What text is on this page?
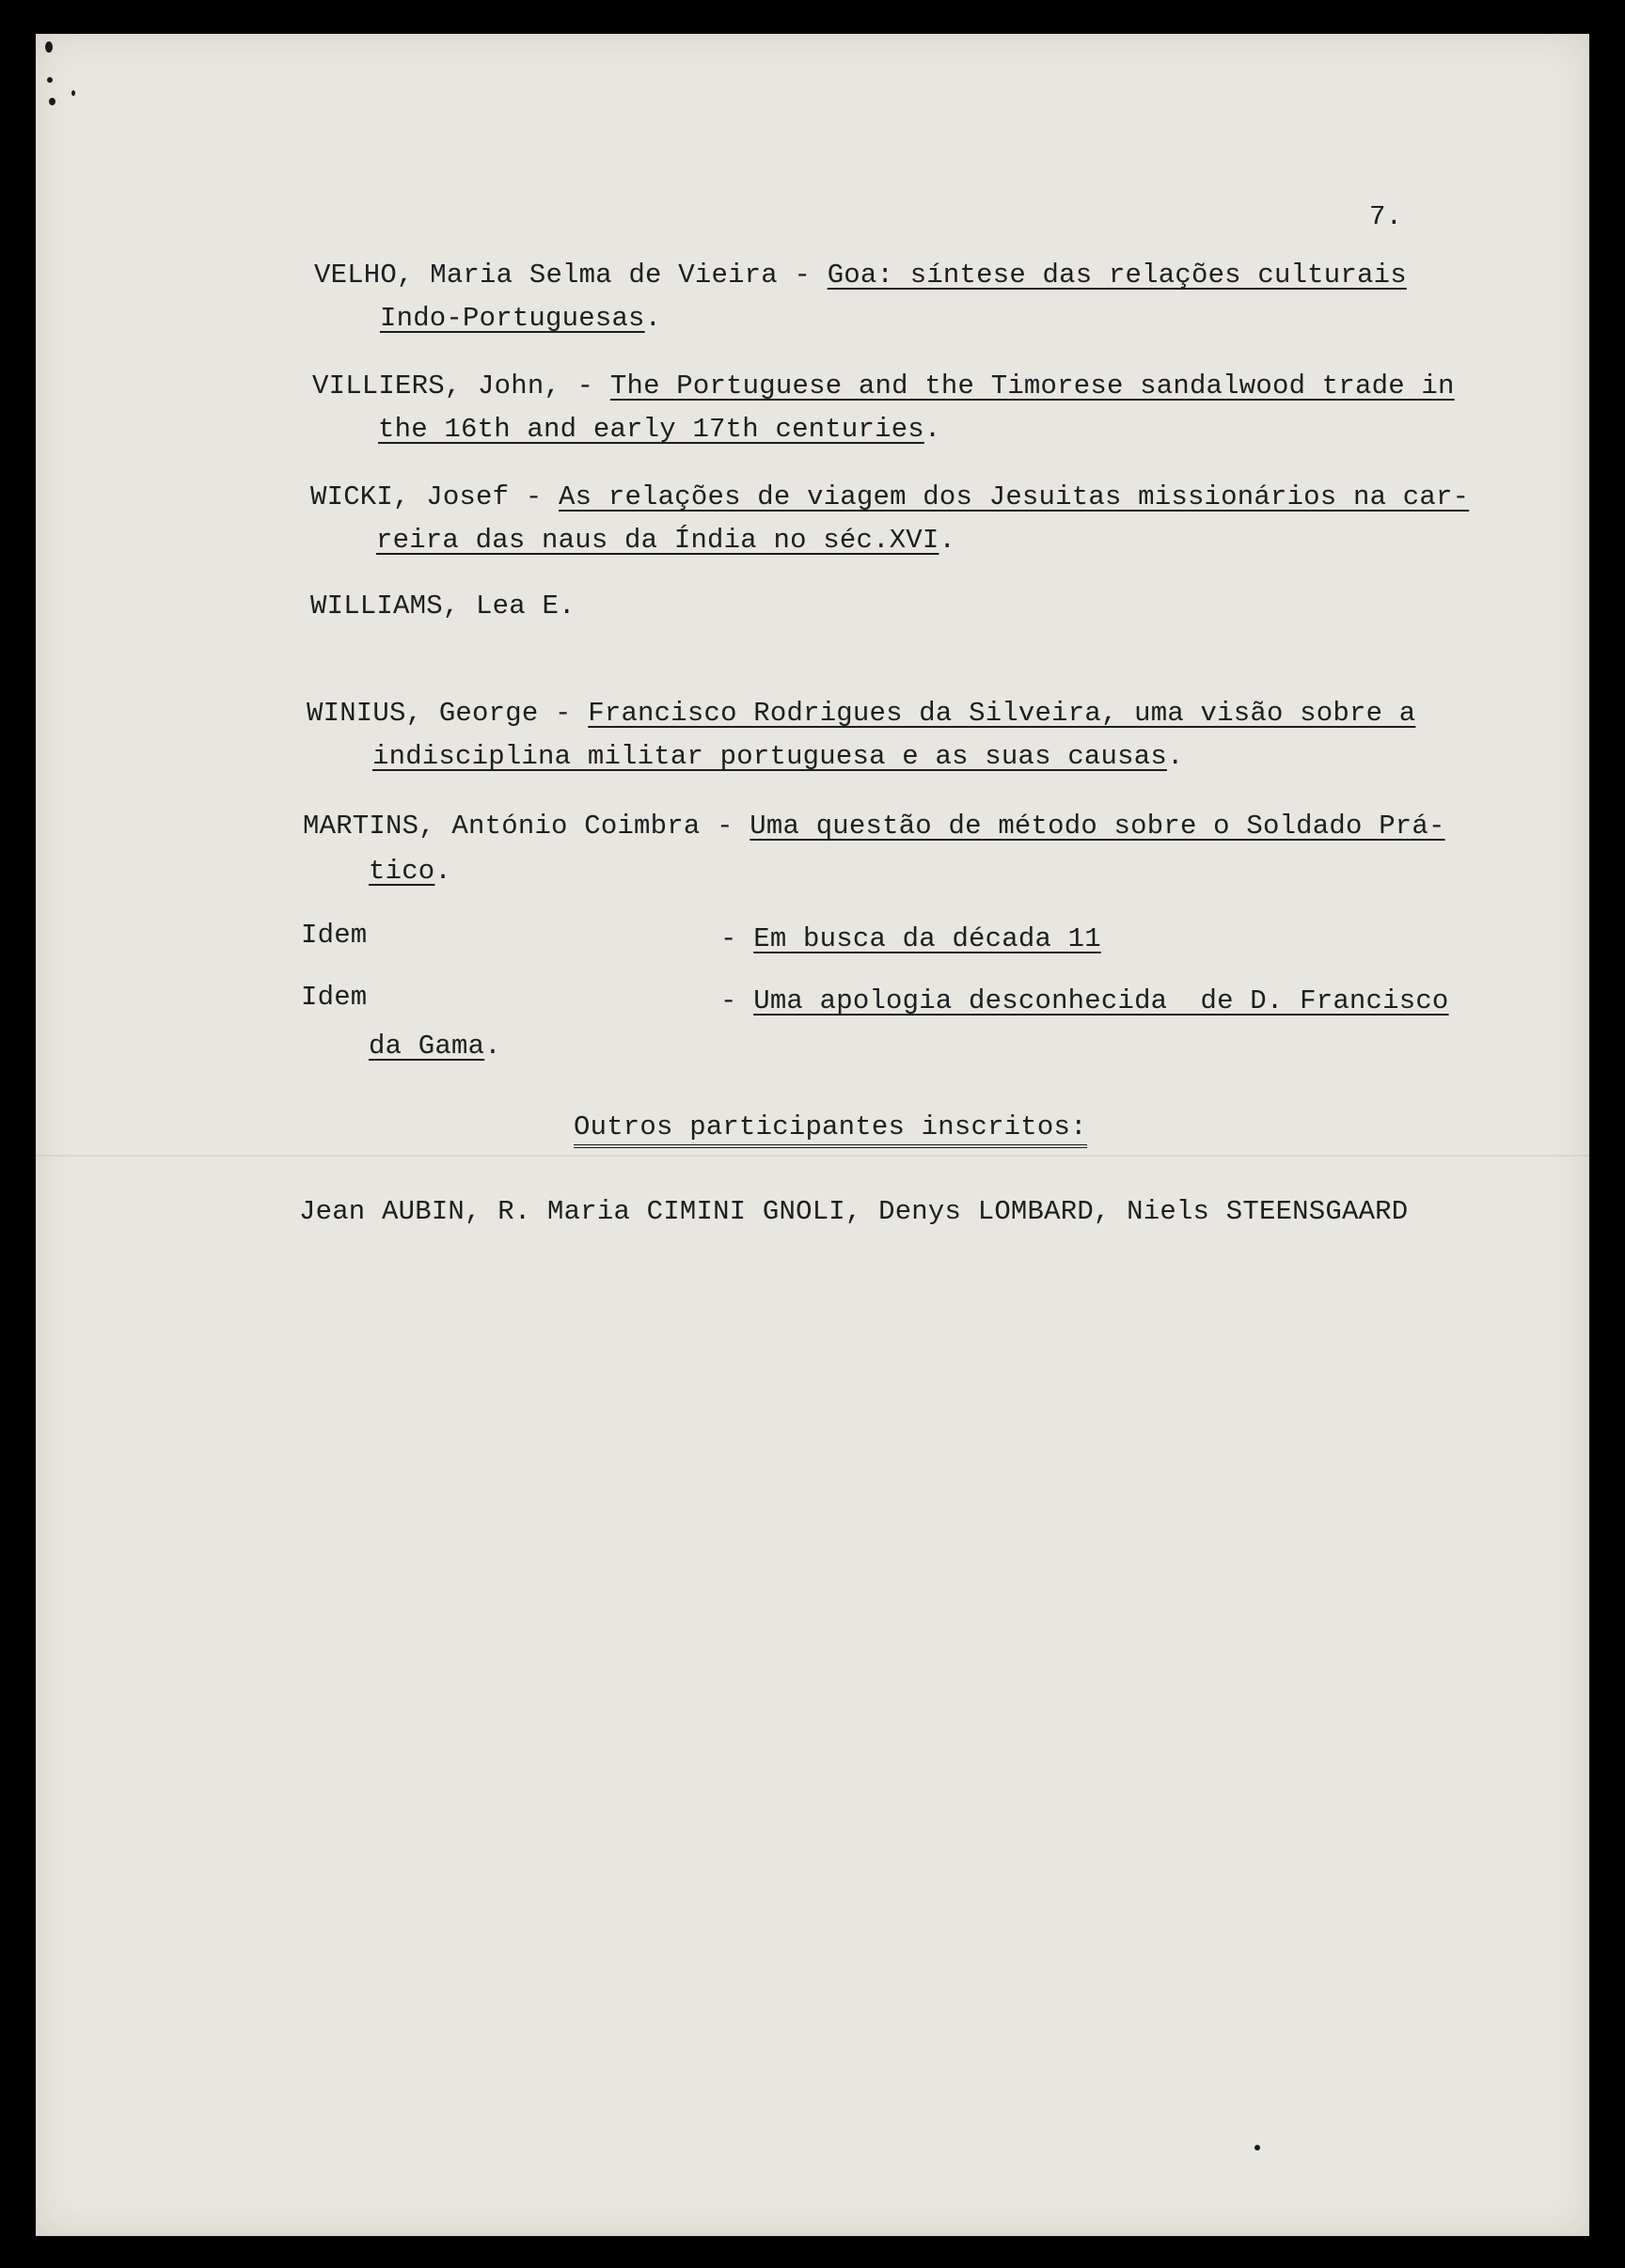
7.
VELHO, Maria Selma de Vieira - Goa: síntese das relações culturais
Indo-Portuguesas.
VILLIERS, John, - The Portuguese and the Timorese sandalwood trade in
the 16th and early 17th centuries.
WICKI, Josef - As relações de viagem dos Jesuitas missionários na car-
reira das naus da Índia no séc.XVI.
WILLIAMS, Lea E.
WINIUS, George - Francisco Rodrigues da Silveira, uma visão sobre a
indisciplina militar portuguesa e as suas causas.
MARTINS, António Coimbra - Uma questão de método sobre o Soldado Prá-
tico.
Idem	- Em busca da década 11
Idem	- Uma apologia desconhecida  de D. Francisco
da Gama.
Outros participantes inscritos:
Jean AUBIN, R. Maria CIMINI GNOLI, Denys LOMBARD, Niels STEENSGAARD
